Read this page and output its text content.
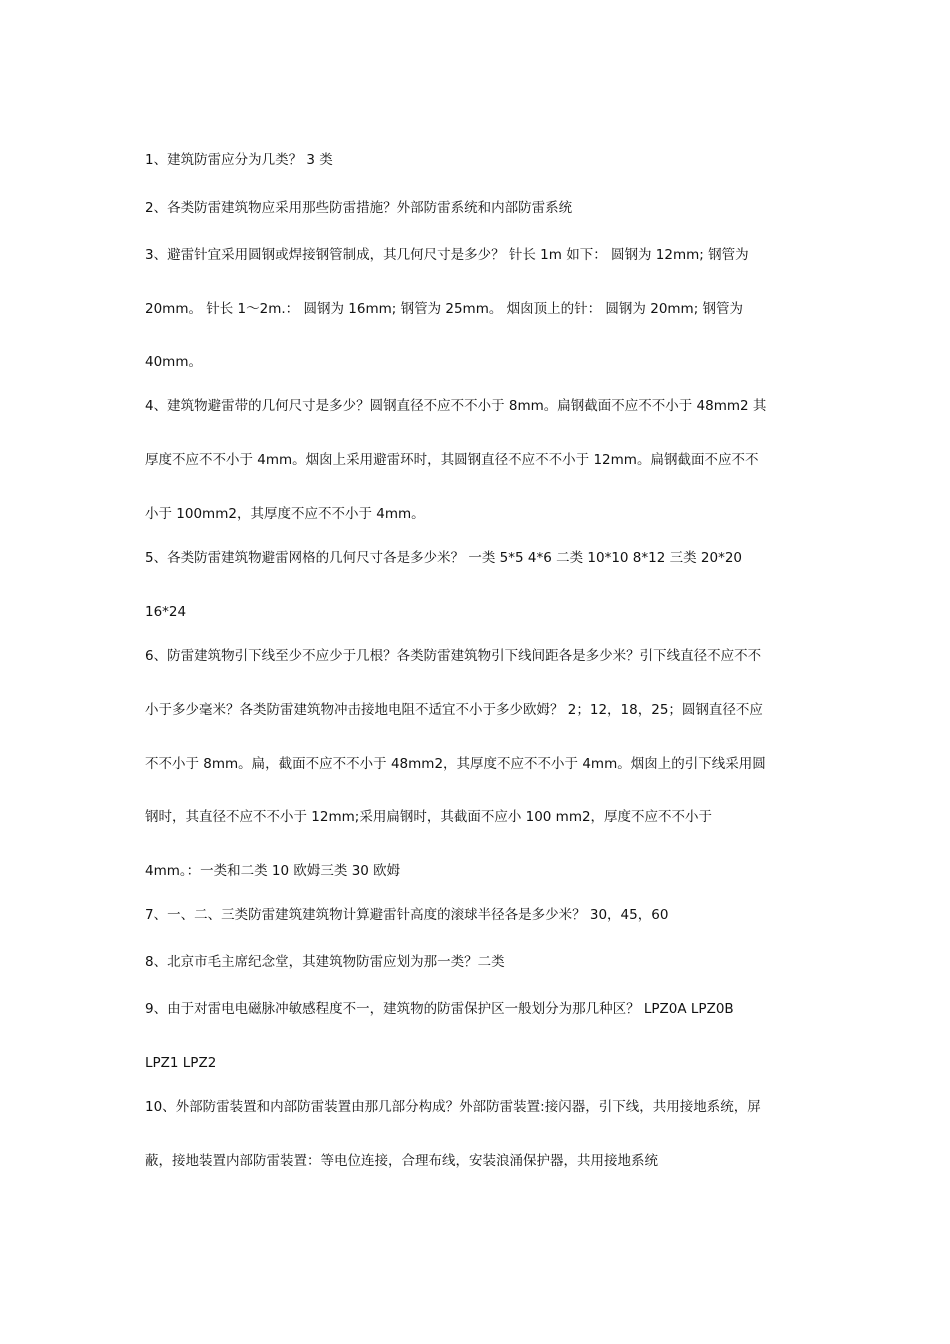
1、建筑防雷应分为几类？ 3 类
2、各类防雷建筑物应采用那些防雷措施？外部防雷系统和内部防雷系统
3、避雷针宜采用圆钢或焊接钢管制成，其几何尺寸是多少？ 针长 1m 如下： 圆钢为 12mm; 钢管为
20mm。 针长 1～2m.： 圆钢为 16mm; 钢管为 25mm。 烟囱顶上的针： 圆钢为 20mm; 钢管为
40mm。
4、建筑物避雷带的几何尺寸是多少？圆钢直径不应不不小于 8mm。扁钢截面不应不不小于 48mm2 其
厚度不应不不小于 4mm。烟囱上采用避雷环时，其圆钢直径不应不不小于 12mm。扁钢截面不应不不
小于 100mm2，其厚度不应不不小于 4mm。
5、各类防雷建筑物避雷网格的几何尺寸各是多少米？ 一类 5*5 4*6 二类 10*10 8*12 三类 20*20
16*24
6、防雷建筑物引下线至少不应少于几根？各类防雷建筑物引下线间距各是多少米？引下线直径不应不不
小于多少毫米？各类防雷建筑物冲击接地电阻不适宜不小于多少欧姆？ 2；12，18，25；圆钢直径不应
不不小于 8mm。扁，截面不应不不小于 48mm2，其厚度不应不不小于 4mm。烟囱上的引下线采用圆
钢时，其直径不应不不小于 12mm;采用扁钢时，其截面不应小 100 mm2，厚度不应不不小于
4mm。：一类和二类 10 欧姆三类 30 欧姆
7、一、二、三类防雷建筑建筑物计算避雷针高度的滚球半径各是多少米？ 30，45，60
8、北京市毛主席纪念堂，其建筑物防雷应划为那一类？二类
9、由于对雷电电磁脉冲敏感程度不一，建筑物的防雷保护区一般划分为那几种区？ LPZ0A LPZ0B
LPZ1 LPZ2
10、外部防雷装置和内部防雷装置由那几部分构成？外部防雷装置:接闪器，引下线，共用接地系统，屏
蔽，接地装置内部防雷装置：等电位连接，合理布线，安装浪涌保护器，共用接地系统
